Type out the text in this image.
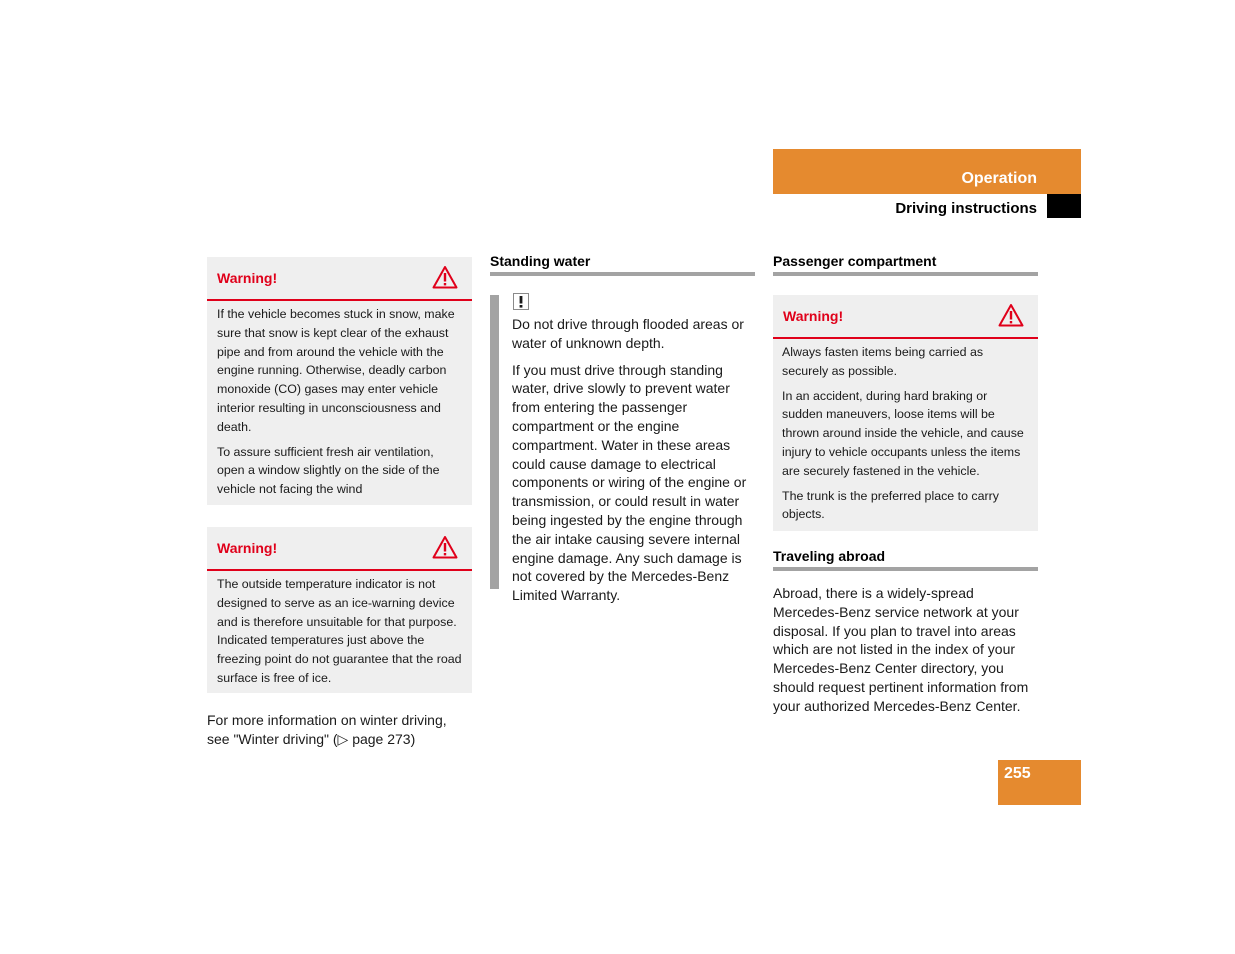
Operation
Driving instructions
Warning!

If the vehicle becomes stuck in snow, make sure that snow is kept clear of the exhaust pipe and from around the vehicle with the engine running. Otherwise, deadly carbon monoxide (CO) gases may enter vehicle interior resulting in unconsciousness and death.

To assure sufficient fresh air ventilation, open a window slightly on the side of the vehicle not facing the wind

Warning!

The outside temperature indicator is not designed to serve as an ice-warning device and is therefore unsuitable for that purpose. Indicated temperatures just above the freezing point do not guarantee that the road surface is free of ice.

For more information on winter driving, see "Winter driving" (▷ page 273)
Standing water

Do not drive through flooded areas or water of unknown depth.

If you must drive through standing water, drive slowly to prevent water from entering the passenger compartment or the engine compartment. Water in these areas could cause damage to electrical components or wiring of the engine or transmission, or could result in water being ingested by the engine through the air intake causing severe internal engine damage. Any such damage is not covered by the Mercedes-Benz Limited Warranty.

Passenger compartment
Warning!

Always fasten items being carried as securely as possible.

In an accident, during hard braking or sudden maneuvers, loose items will be thrown around inside the vehicle, and cause injury to vehicle occupants unless the items are securely fastened in the vehicle.

The trunk is the preferred place to carry objects.

Traveling abroad
Abroad, there is a widely-spread Mercedes-Benz service network at your disposal. If you plan to travel into areas which are not listed in the index of your Mercedes-Benz Center directory, you should request pertinent information from your authorized Mercedes-Benz Center.
255
